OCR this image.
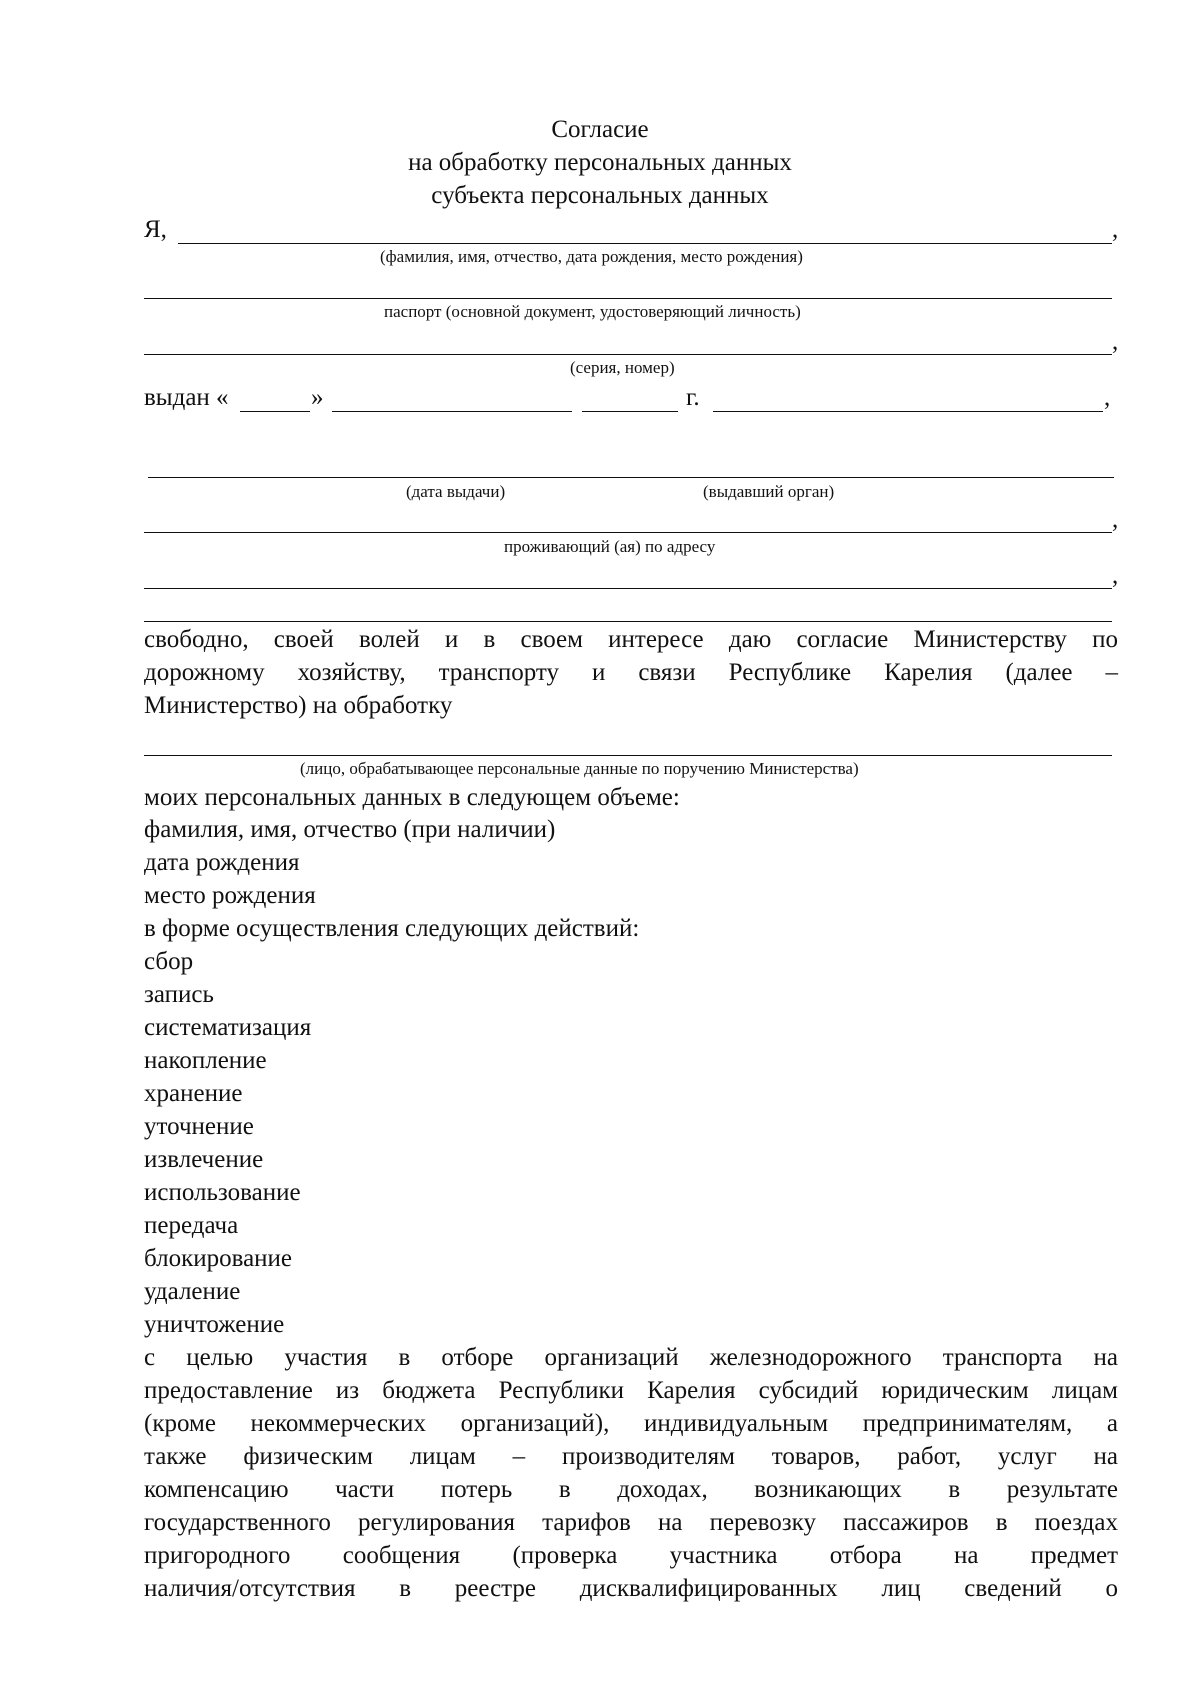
Согласие
на обработку персональных данных
субъекта персональных данных
Я,	,
(фамилия, имя, отчество, дата рождения, место рождения)
паспорт (основной документ, удостоверяющий личность)
,
(серия, номер)
выдан «	»	г.	,
(дата выдачи)	(выдавший орган)
,
проживающий (ая) по адресу
,
свободно, своей волей и в своем интересе даю согласие Министерству по
дорожному хозяйству, транспорту и связи Республике Карелия (далее –
Министерство) на обработку
(лицо, обрабатывающее персональные данные по поручению Министерства)
моих персональных данных в следующем объеме:
фамилия, имя, отчество (при наличии)
дата рождения
место рождения
в форме осуществления следующих действий:
сбор
запись
систематизация
накопление
хранение
уточнение
извлечение
использование
передача
блокирование
удаление
уничтожение
с целью участия в отборе организаций железнодорожного транспорта на
предоставление из бюджета Республики Карелия субсидий юридическим лицам
(кроме некоммерческих организаций), индивидуальным предпринимателям, а
также физическим лицам – производителям товаров, работ, услуг на
компенсацию части потерь в доходах, возникающих в результате
государственного регулирования тарифов на перевозку пассажиров в поездах
пригородного сообщения (проверка участника отбора на предмет
наличия/отсутствия в реестре дисквалифицированных лиц сведений о
